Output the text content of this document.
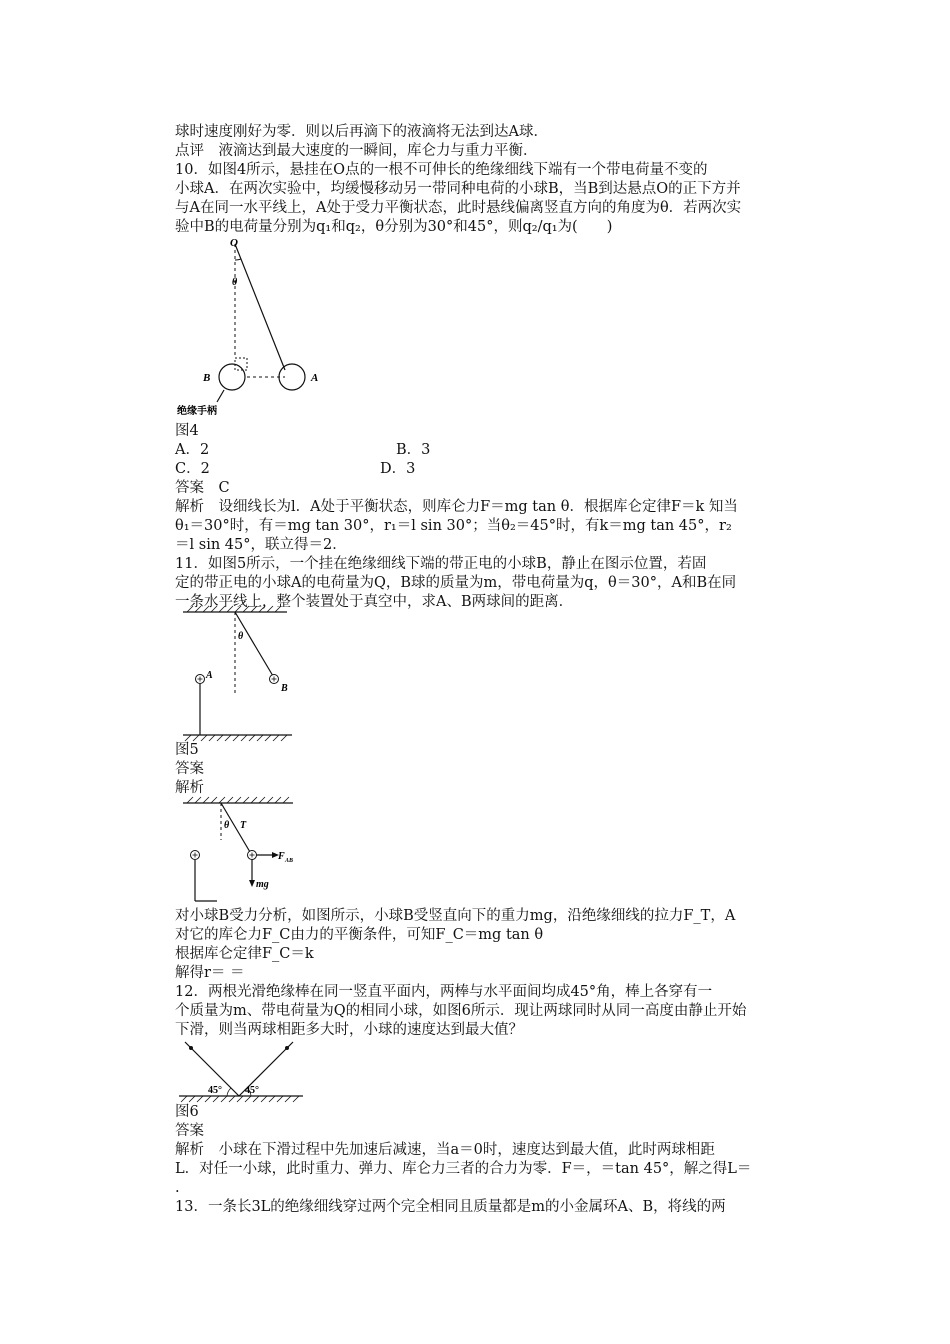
球时速度刚好为零．则以后再滴下的液滴将无法到达A球．
点评　液滴达到最大速度的一瞬间，库仑力与重力平衡．
10．如图4所示，悬挂在O点的一根不可伸长的绝缘细线下端有一个带电荷量不变的
小球A．在两次实验中，均缓慢移动另一带同种电荷的小球B，当B到达悬点O的正下方并
与A在同一水平线上，A处于受力平衡状态，此时悬线偏离竖直方向的角度为θ．若两次实
验中B的电荷量分别为q₁和q₂，θ分别为30°和45°，则q₂/q₁为(　　)
O
θ
B	A
绝缘手柄
图4
A．2	B．3
C．2	D．3
答案　C
解析　设细线长为l．A处于平衡状态，则库仑力F＝mg tan θ．根据库仑定律F＝k 知当
θ₁＝30°时，有＝mg tan 30°，r₁＝l sin 30°；当θ₂＝45°时，有k＝mg tan 45°，r₂
＝l sin 45°，联立得＝2．
11．如图5所示，一个挂在绝缘细线下端的带正电的小球B，静止在图示位置，若固
定的带正电的小球A的电荷量为Q，B球的质量为m，带电荷量为q，θ＝30°，A和B在同
一条水平线上，整个装置处于真空中，求A、B两球间的距离．
θ
A
B
图5
答案
解析
θ T
F AB
mg
对小球B受力分析，如图所示，小球B受竖直向下的重力mg，沿绝缘细线的拉力F_T，A
对它的库仑力F_C由力的平衡条件，可知F_C＝mg tan θ
根据库仑定律F_C＝k
解得r＝ ＝
12．两根光滑绝缘棒在同一竖直平面内，两棒与水平面间均成45°角，棒上各穿有一
个质量为m、带电荷量为Q的相同小球，如图6所示．现让两球同时从同一高度由静止开始
下滑，则当两球相距多大时，小球的速度达到最大值？
45° 45°
图6
答案
解析　小球在下滑过程中先加速后减速，当a＝0时，速度达到最大值，此时两球相距
L．对任一小球，此时重力、弹力、库仑力三者的合力为零．F＝，＝tan 45°，解之得L＝
.
13．一条长3L的绝缘细线穿过两个完全相同且质量都是m的小金属环A、B，将线的两
